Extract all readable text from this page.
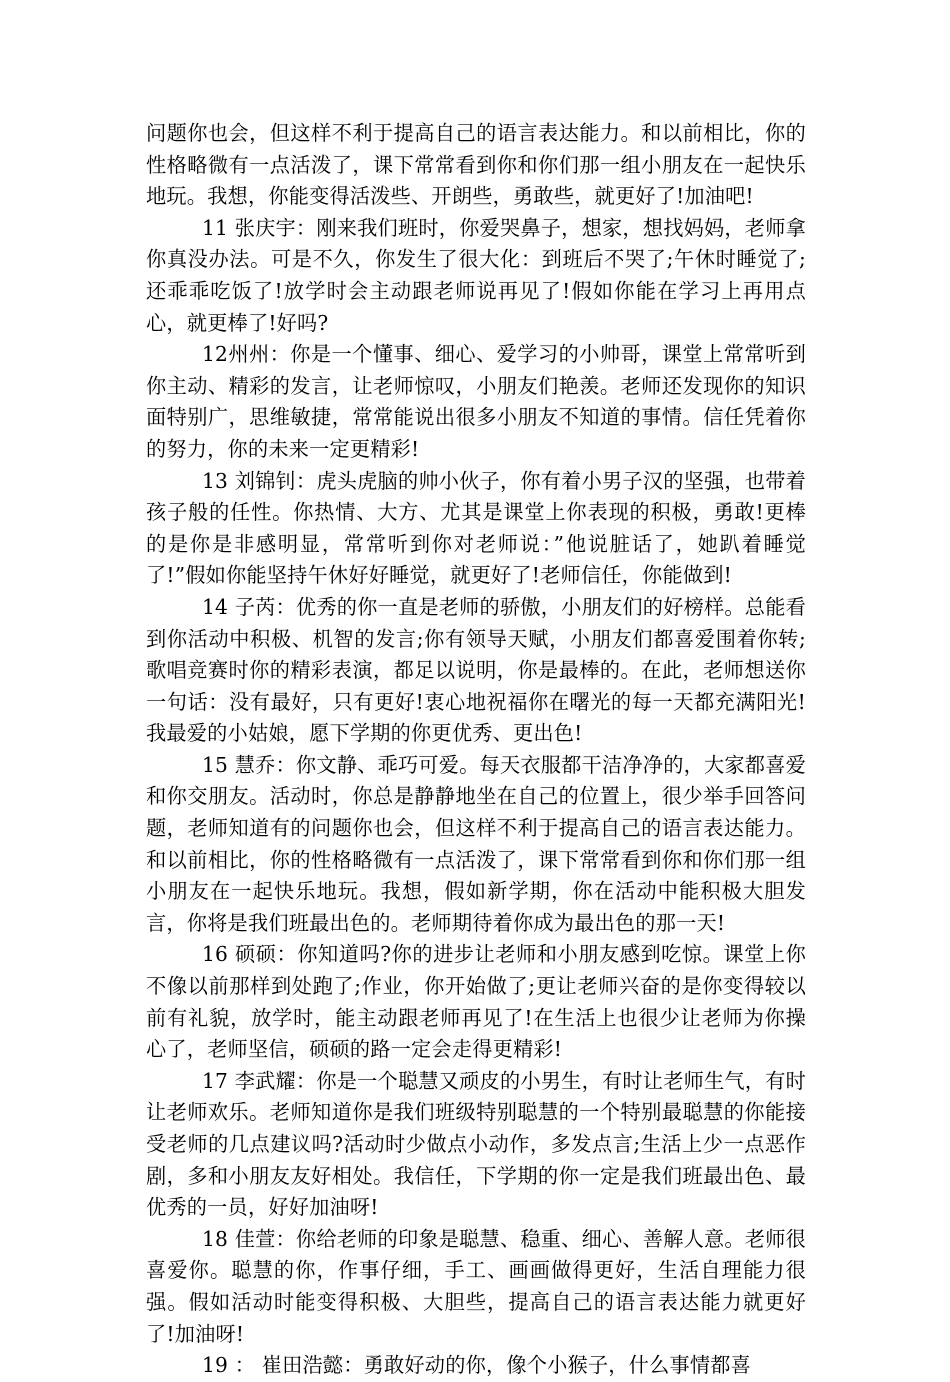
问题你也会，但这样不利于提高自己的语言表达能力。和以前相比，你的性格略微有一点活泼了，课下常常看到你和你们那一组小朋友在一起快乐地玩。我想，你能变得活泼些、开朗些，勇敢些，就更好了!加油吧!

11 张庆宇：刚来我们班时，你爱哭鼻子，想家，想找妈妈，老师拿你真没办法。可是不久，你发生了很大化：到班后不哭了;午休时睡觉了;还乖乖吃饭了!放学时会主动跟老师说再见了!假如你能在学习上再用点心，就更棒了!好吗?

12州州：你是一个懂事、细心、爱学习的小帅哥，课堂上常常听到你主动、精彩的发言，让老师惊叹，小朋友们艳羡。老师还发现你的知识面特别广，思维敏捷，常常能说出很多小朋友不知道的事情。信任凭着你的努力，你的未来一定更精彩!

13 刘锦钊：虎头虎脑的帅小伙子，你有着小男子汉的坚强，也带着孩子般的任性。你热情、大方、尤其是课堂上你表现的积极，勇敢!更棒的是你是非感明显，常常听到你对老师说：”他说脏话了，她趴着睡觉了!”假如你能坚持午休好好睡觉，就更好了!老师信任，你能做到!

14 子芮：优秀的你一直是老师的骄傲，小朋友们的好榜样。总能看到你活动中积极、机智的发言;你有领导天赋，小朋友们都喜爱围着你转;歌唱竞赛时你的精彩表演，都足以说明，你是最棒的。在此，老师想送你一句话：没有最好，只有更好!衷心地祝福你在曙光的每一天都充满阳光!我最爱的小姑娘，愿下学期的你更优秀、更出色!

15 慧乔：你文静、乖巧可爱。每天衣服都干洁净净的，大家都喜爱和你交朋友。活动时，你总是静静地坐在自己的位置上，很少举手回答问题，老师知道有的问题你也会，但这样不利于提高自己的语言表达能力。和以前相比，你的性格略微有一点活泼了，课下常常看到你和你们那一组小朋友在一起快乐地玩。我想，假如新学期，你在活动中能积极大胆发言，你将是我们班最出色的。老师期待着你成为最出色的那一天!

16 硕硕：你知道吗?你的进步让老师和小朋友感到吃惊。课堂上你不像以前那样到处跑了;作业，你开始做了;更让老师兴奋的是你变得较以前有礼貌，放学时，能主动跟老师再见了!在生活上也很少让老师为你操心了，老师坚信，硕硕的路一定会走得更精彩!

17 李武耀：你是一个聪慧又顽皮的小男生，有时让老师生气，有时让老师欢乐。老师知道你是我们班级特别聪慧的一个特别最聪慧的你能接受老师的几点建议吗?活动时少做点小动作，多发点言;生活上少一点恶作剧，多和小朋友友好相处。我信任，下学期的你一定是我们班最出色、最优秀的一员，好好加油呀!

18 佳萱：你给老师的印象是聪慧、稳重、细心、善解人意。老师很喜爱你。聪慧的你，作事仔细，手工、画画做得更好，生活自理能力很强。假如活动时能变得积极、大胆些，提高自己的语言表达能力就更好了!加油呀!

19 ： 崔田浩懿：勇敢好动的你，像个小猴子，什么事情都喜
